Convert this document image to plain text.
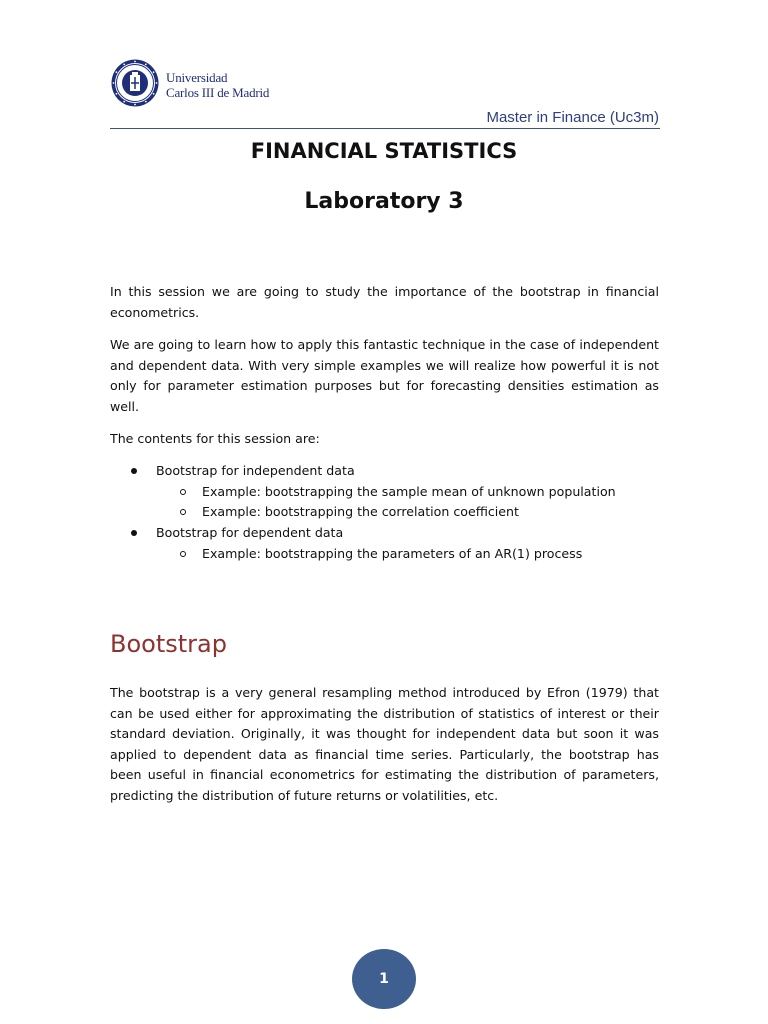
Universidad
Carlos III de Madrid
Master in Finance (Uc3m)
FINANCIAL STATISTICS
Laboratory 3
In this session we are going to study the importance of the bootstrap in financial econometrics.
We are going to learn how to apply this fantastic technique in the case of independent and dependent data. With very simple examples we will realize how powerful it is not only for parameter estimation purposes but for forecasting densities estimation as well.
The contents for this session are:
Bootstrap for independent data
Example: bootstrapping the sample mean of unknown population
Example: bootstrapping the correlation coefficient
Bootstrap for dependent data
Example: bootstrapping the parameters of an AR(1) process
Bootstrap
The bootstrap is a very general resampling method introduced by Efron (1979) that can be used either for approximating the distribution of statistics of interest or their standard deviation. Originally, it was thought for independent data but soon it was applied to dependent data as financial time series. Particularly, the bootstrap has been useful in financial econometrics for estimating the distribution of parameters, predicting the distribution of future returns or volatilities, etc.
1
